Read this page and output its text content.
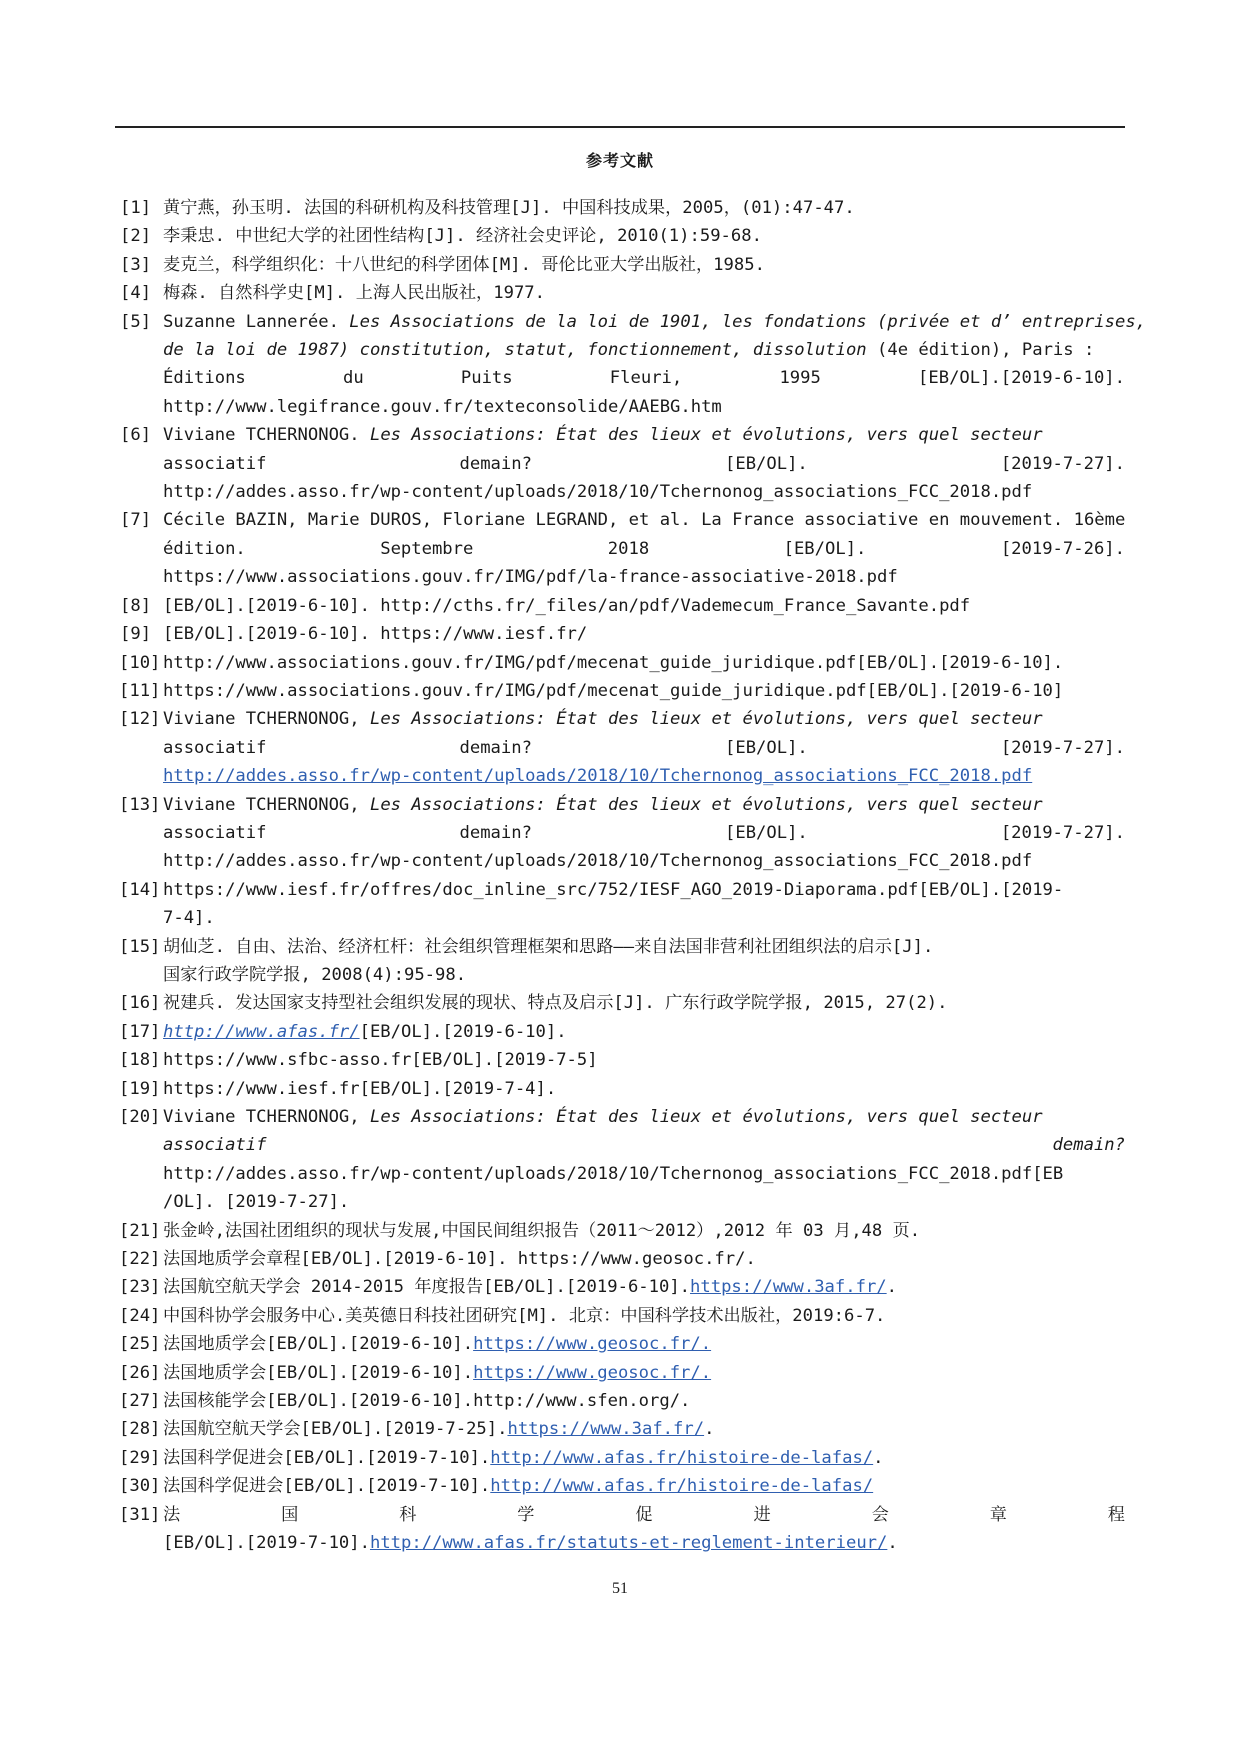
参考文献
[1] 黄宁燕，孙玉明. 法国的科研机构及科技管理[J]. 中国科技成果，2005，(01):47-47.
[2] 李秉忠. 中世纪大学的社团性结构[J]. 经济社会史评论, 2010(1):59-68.
[3] 麦克兰，科学组织化：十八世纪的科学团体[M]. 哥伦比亚大学出版社，1985.
[4] 梅森. 自然科学史[M]. 上海人民出版社，1977.
[5] Suzanne Lannerée. Les Associations de la loi de 1901, les fondations (privée et d’ entreprises,
de la loi de 1987) constitution, statut, fonctionnement, dissolution (4e édition), Paris :
Éditions du Puits Fleuri, 1995 [EB/OL].[2019-6-10].
http://www.legifrance.gouv.fr/texteconsolide/AAEBG.htm
[6] Viviane TCHERNONOG. Les Associations: État des lieux et évolutions, vers quel secteur
associatif demain? [EB/OL]. [2019-7-27].
http://addes.asso.fr/wp-content/uploads/2018/10/Tchernonog_associations_FCC_2018.pdf
[7] Cécile BAZIN, Marie DUROS, Floriane LEGRAND, et al. La France associative en mouvement. 16ème
édition. Septembre 2018 [EB/OL]. [2019-7-26].
https://www.associations.gouv.fr/IMG/pdf/la-france-associative-2018.pdf
[8] [EB/OL].[2019-6-10]. http://cths.fr/_files/an/pdf/Vademecum_France_Savante.pdf
[9] [EB/OL].[2019-6-10]. https://www.iesf.fr/
[10] http://www.associations.gouv.fr/IMG/pdf/mecenat_guide_juridique.pdf[EB/OL].[2019-6-10].
[11] https://www.associations.gouv.fr/IMG/pdf/mecenat_guide_juridique.pdf[EB/OL].[2019-6-10]
[12] Viviane TCHERNONOG, Les Associations: État des lieux et évolutions, vers quel secteur
associatif demain? [EB/OL]. [2019-7-27].
http://addes.asso.fr/wp-content/uploads/2018/10/Tchernonog_associations_FCC_2018.pdf
[13] Viviane TCHERNONOG, Les Associations: État des lieux et évolutions, vers quel secteur
associatif demain? [EB/OL]. [2019-7-27].
http://addes.asso.fr/wp-content/uploads/2018/10/Tchernonog_associations_FCC_2018.pdf
[14] https://www.iesf.fr/offres/doc_inline_src/752/IESF_AGO_2019-Diaporama.pdf[EB/OL].[2019-
7-4].
[15] 胡仙芝. 自由、法治、经济杠杆：社会组织管理框架和思路——来自法国非营利社团组织法的启示[J].
国家行政学院学报, 2008(4):95-98.
[16] 祝建兵. 发达国家支持型社会组织发展的现状、特点及启示[J]. 广东行政学院学报, 2015, 27(2).
[17] http://www.afas.fr/[EB/OL].[2019-6-10].
[18] https://www.sfbc-asso.fr[EB/OL].[2019-7-5]
[19] https://www.iesf.fr[EB/OL].[2019-7-4].
[20] Viviane TCHERNONOG, Les Associations: État des lieux et évolutions, vers quel secteur
associatif demain?
http://addes.asso.fr/wp-content/uploads/2018/10/Tchernonog_associations_FCC_2018.pdf[EB
/OL]. [2019-7-27].
[21] 张金岭,法国社团组织的现状与发展,中国民间组织报告（2011～2012）,2012 年 03 月,48 页.
[22] 法国地质学会章程[EB/OL].[2019-6-10]. https://www.geosoc.fr/.
[23] 法国航空航天学会 2014-2015 年度报告[EB/OL].[2019-6-10].https://www.3af.fr/.
[24] 中国科协学会服务中心.美英德日科技社团研究[M]. 北京：中国科学技术出版社，2019:6-7.
[25] 法国地质学会[EB/OL].[2019-6-10].https://www.geosoc.fr/.
[26] 法国地质学会[EB/OL].[2019-6-10].https://www.geosoc.fr/.
[27] 法国核能学会[EB/OL].[2019-6-10].http://www.sfen.org/.
[28] 法国航空航天学会[EB/OL].[2019-7-25].https://www.3af.fr/.
[29] 法国科学促进会[EB/OL].[2019-7-10].http://www.afas.fr/histoire-de-lafas/.
[30] 法国科学促进会[EB/OL].[2019-7-10].http://www.afas.fr/histoire-de-lafas/
[31] 法 国 科 学 促 进 会 章 程
[EB/OL].[2019-7-10].http://www.afas.fr/statuts-et-reglement-interieur/.
51
